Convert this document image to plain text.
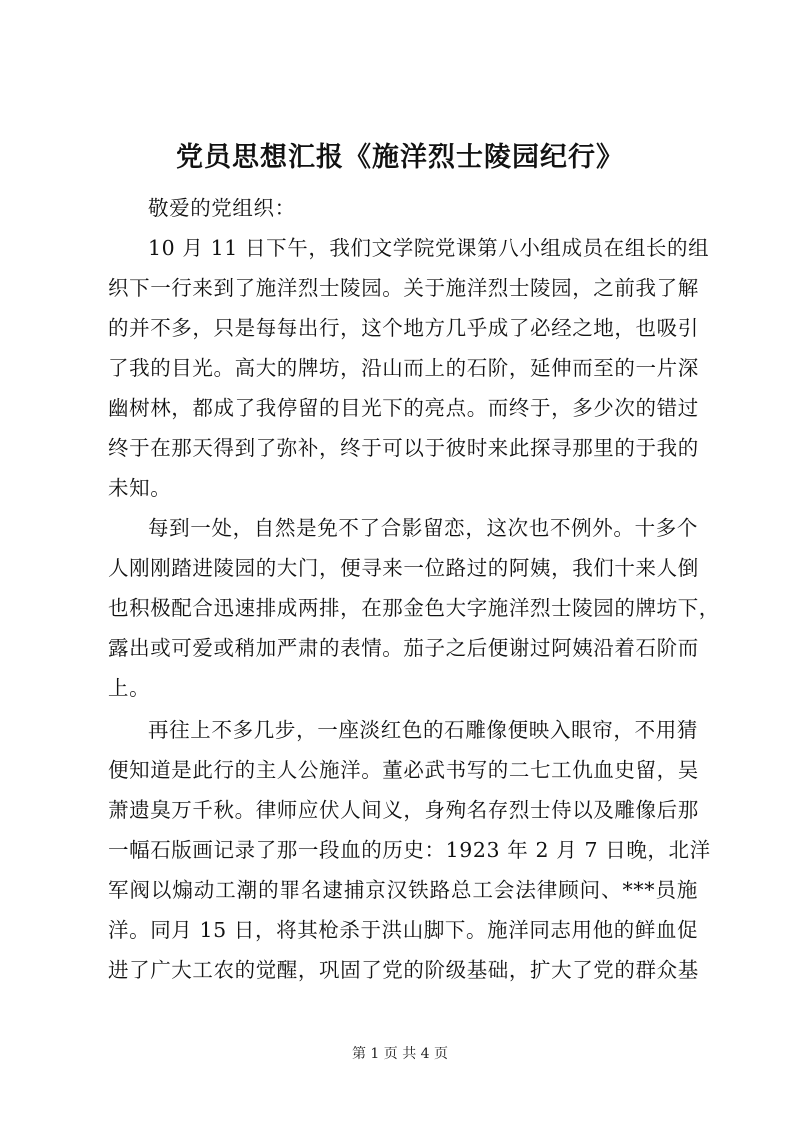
党员思想汇报《施洋烈士陵园纪行》
敬爱的党组织：
10 月 11 日下午，我们文学院党课第八小组成员在组长的组
织下一行来到了施洋烈士陵园。关于施洋烈士陵园，之前我了解
的并不多，只是每每出行，这个地方几乎成了必经之地，也吸引
了我的目光。高大的牌坊，沿山而上的石阶，延伸而至的一片深
幽树林，都成了我停留的目光下的亮点。而终于，多少次的错过
终于在那天得到了弥补，终于可以于彼时来此探寻那里的于我的
未知。
每到一处，自然是免不了合影留恋，这次也不例外。十多个
人刚刚踏进陵园的大门，便寻来一位路过的阿姨，我们十来人倒
也积极配合迅速排成两排，在那金色大字施洋烈士陵园的牌坊下，
露出或可爱或稍加严肃的表情。茄子之后便谢过阿姨沿着石阶而
上。
再往上不多几步，一座淡红色的石雕像便映入眼帘，不用猜
便知道是此行的主人公施洋。董必武书写的二七工仇血史留，吴
萧遗臭万千秋。律师应伏人间义，身殉名存烈士侍以及雕像后那
一幅石版画记录了那一段血的历史：1923 年 2 月 7 日晚，北洋
军阀以煽动工潮的罪名逮捕京汉铁路总工会法律顾问、***员施
洋。同月 15 日，将其枪杀于洪山脚下。施洋同志用他的鲜血促
进了广大工农的觉醒，巩固了党的阶级基础，扩大了党的群众基
第 1 页 共 4 页
